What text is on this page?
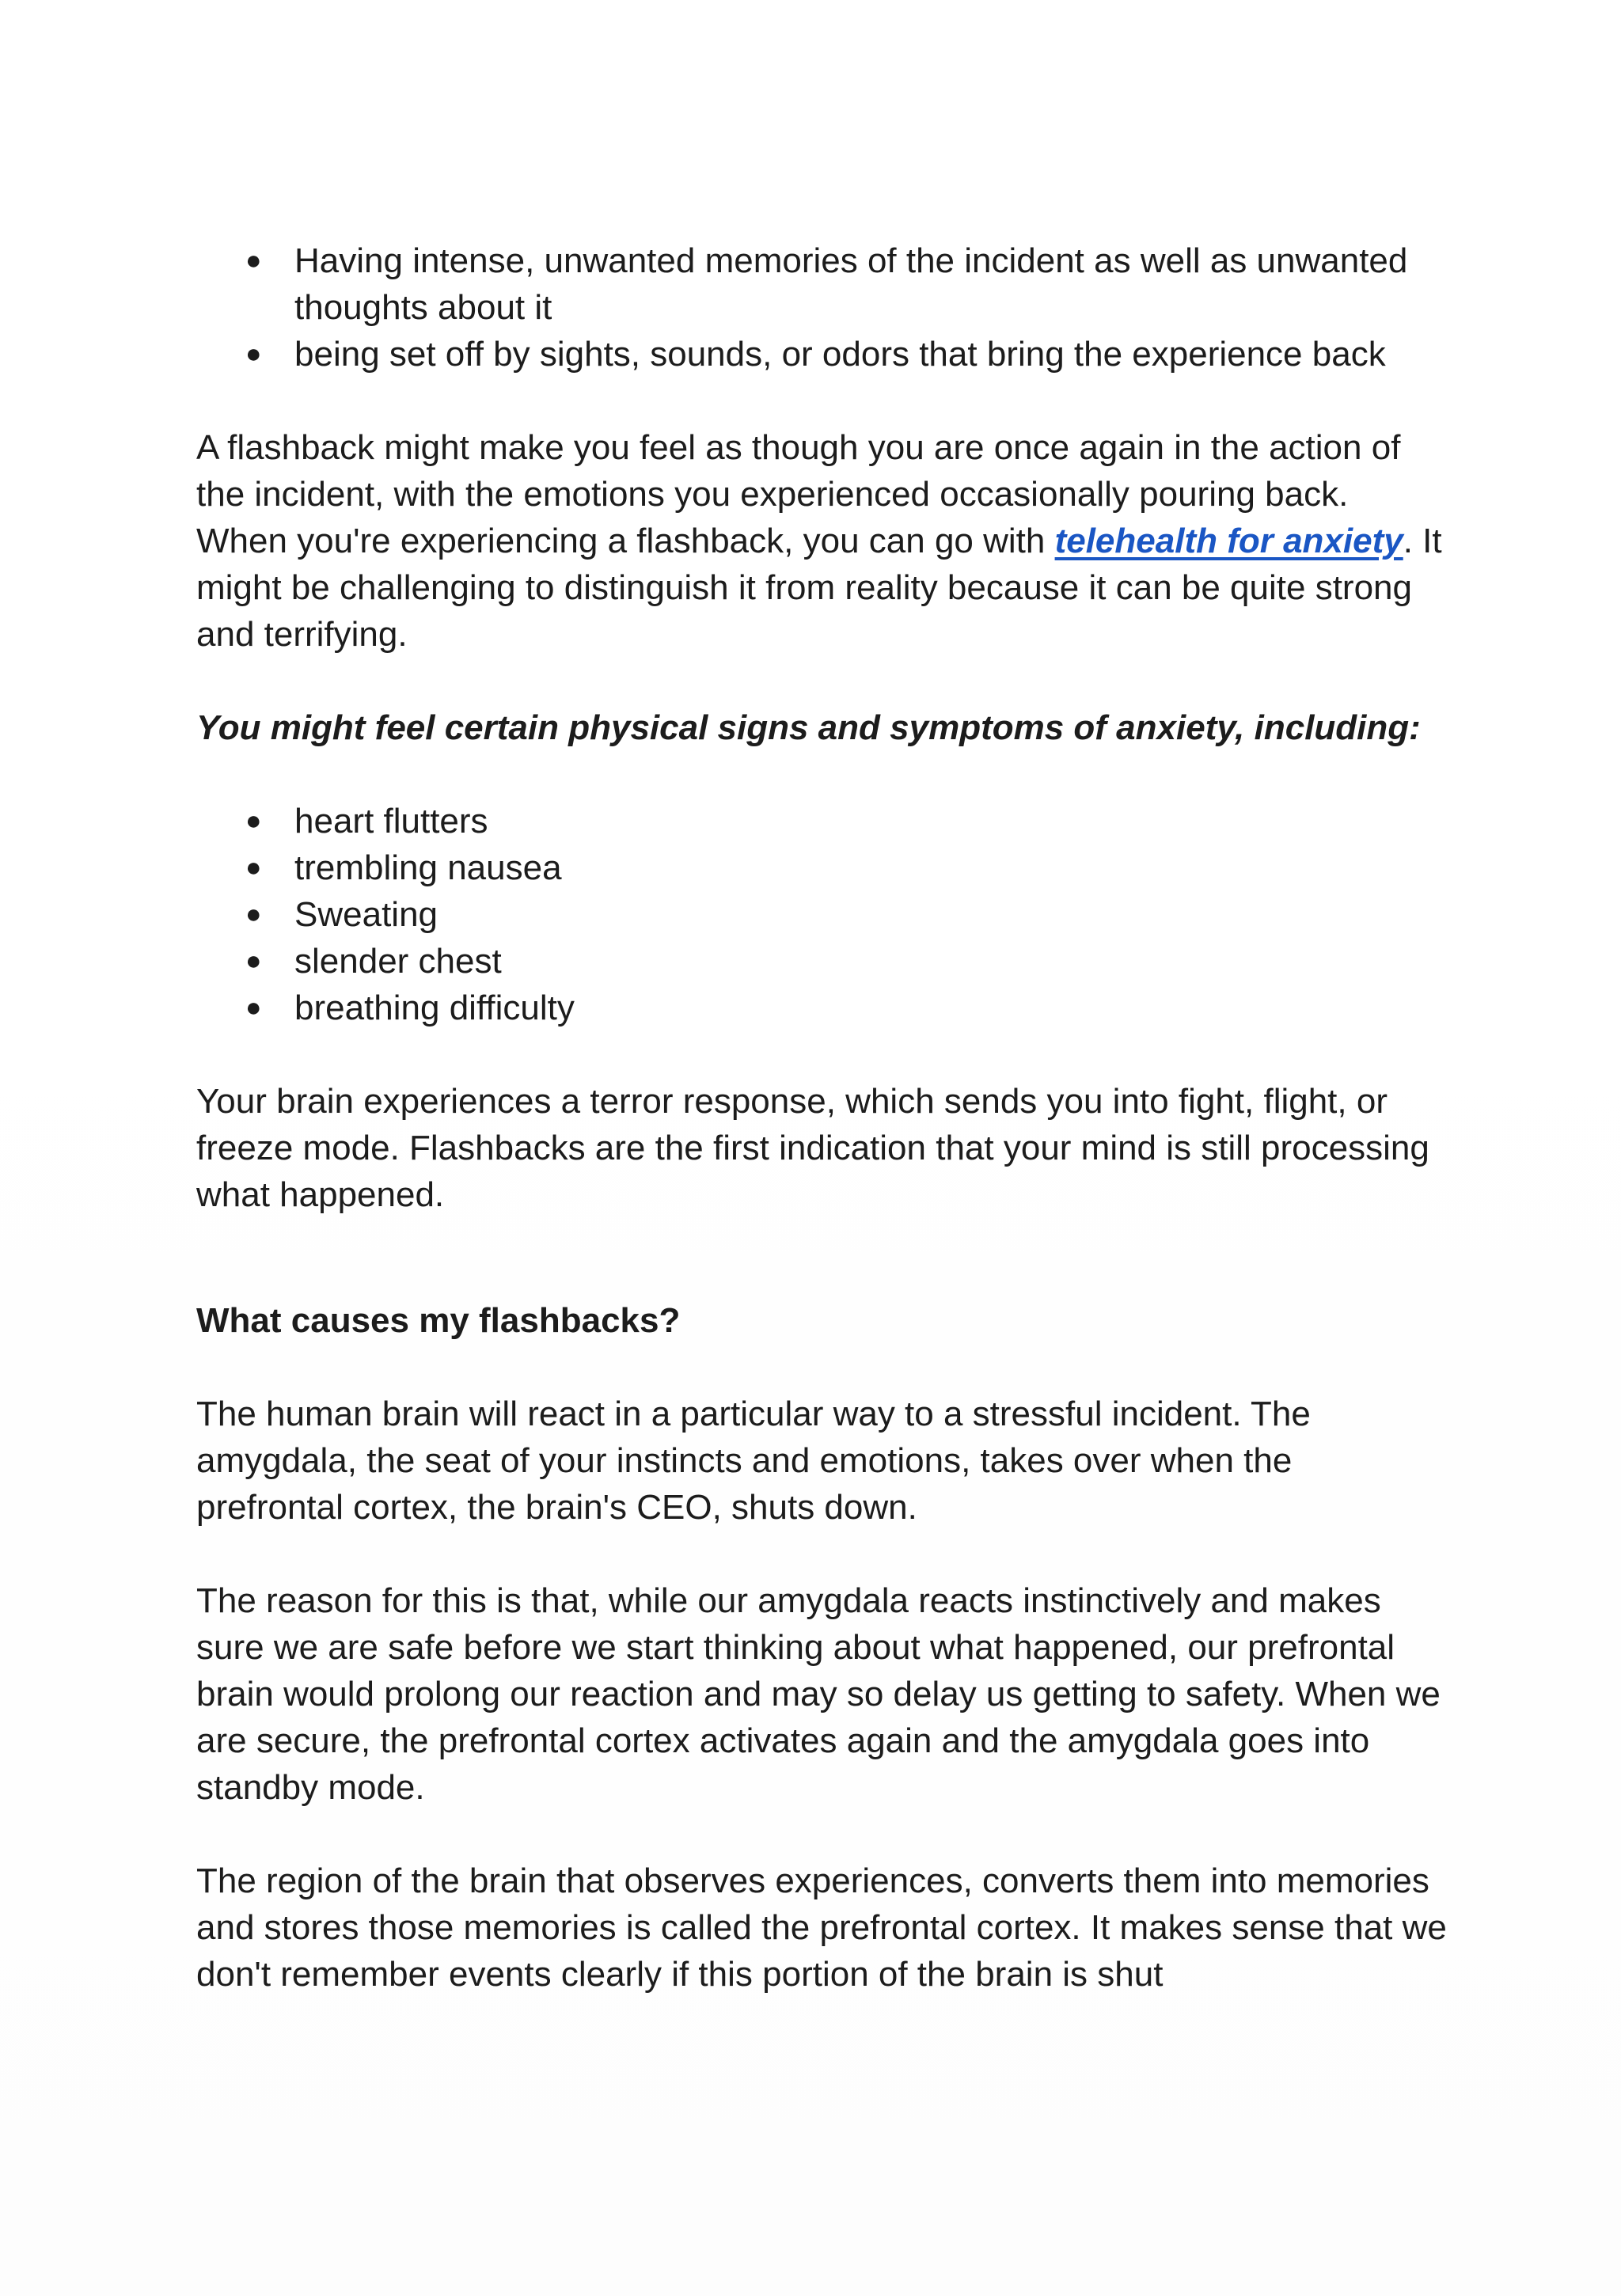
● Having intense, unwanted memories of the incident as well as unwanted thoughts about it
● being set off by sights, sounds, or odors that bring the experience back

A flashback might make you feel as though you are once again in the action of the incident, with the emotions you experienced occasionally pouring back. When you're experiencing a flashback, you can go with telehealth for anxiety. It might be challenging to distinguish it from reality because it can be quite strong and terrifying.

You might feel certain physical signs and symptoms of anxiety, including:

● heart flutters
● trembling nausea
● Sweating
● slender chest
● breathing difficulty

Your brain experiences a terror response, which sends you into fight, flight, or freeze mode. Flashbacks are the first indication that your mind is still processing what happened.

What causes my flashbacks?

The human brain will react in a particular way to a stressful incident. The amygdala, the seat of your instincts and emotions, takes over when the prefrontal cortex, the brain's CEO, shuts down.

The reason for this is that, while our amygdala reacts instinctively and makes sure we are safe before we start thinking about what happened, our prefrontal brain would prolong our reaction and may so delay us getting to safety. When we are secure, the prefrontal cortex activates again and the amygdala goes into standby mode.

The region of the brain that observes experiences, converts them into memories and stores those memories is called the prefrontal cortex. It makes sense that we don't remember events clearly if this portion of the brain is shut
